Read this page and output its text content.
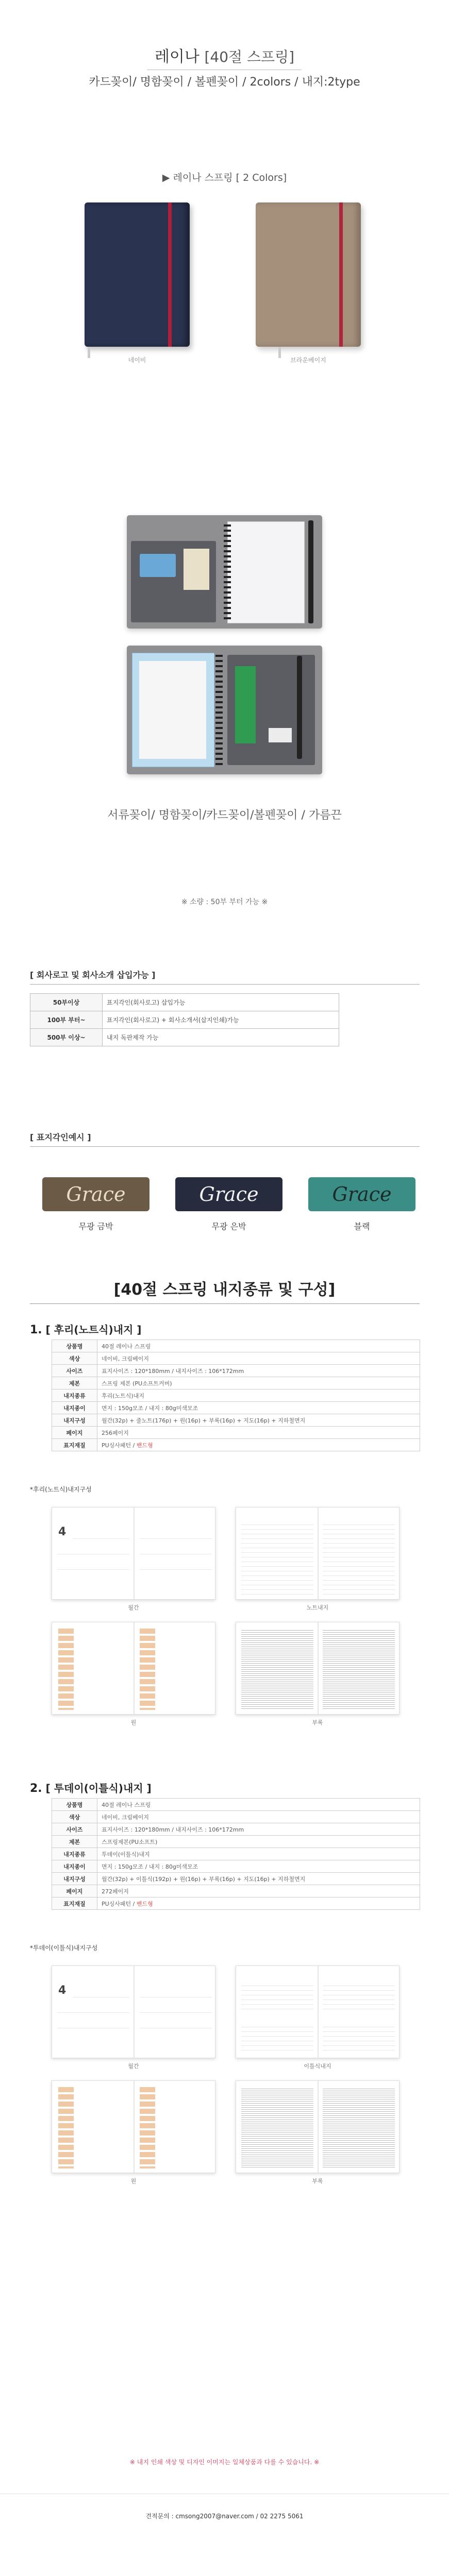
레이나 [40절 스프링]
카드꽂이/ 명함꽂이 / 볼펜꽂이 / 2colors / 내지:2type
▶ 레이나 스프링 [ 2 Colors]
네이비	브라운베이지
서류꽂이/ 명함꽂이/카드꽂이/볼펜꽂이 / 가름끈
※ 소량 : 50부 부터 가능 ※
[ 회사로고 및 회사소개 삽입가능 ]
50부이상	표지각인(회사로고) 삽입가능
100부 부터~	표지각인(회사로고) + 회사소개서(삽지인쇄)가능
500부 이상~	내지 독판제작 가능
[ 표지각인예시 ]
Grace
무광 금박
Grace
무광 은박
Grace
블랙
[40절 스프링 내지종류 및 구성]
1. [ 후리(노트식)내지 ]
상품명	40절 레이나 스프링
색상	네이비, 크림베이지
사이즈	표지사이즈 : 120*180mm / 내지사이즈 : 106*172mm
제본	스프링 제본 (PU소프트커버)
내지종류	후리(노트식)내지
내지종이	면지 : 150g모조 / 내지 : 80g미색모조
내지구성	월간(32p) + 줄노트(176p) + 원(16p) + 부록(16p) + 지도(16p) + 지하철면지
페이지	256페이지
표지재질	PU싱사패턴 / 밴드형
*후리(노트식)내지구성
4
월간	노트내지
원	부록
2. [ 투데이(이틀식)내지 ]
상품명	40절 레이나 스프링
색상	네이비, 크림베이지
사이즈	표지사이즈 : 120*180mm / 내지사이즈 : 106*172mm
제본	스프링제본(PU소프트)
내지종류	투데이(이틀식)내지
내지종이	면지 : 150g모조 / 내지 : 80g미색모조
내지구성	월간(32p) + 이틀식(192p) + 원(16p) + 부록(16p) + 지도(16p) + 지하철면지
페이지	272페이지
표지재질	PU싱사패턴 / 밴드형
*투데이(이틀식)내지구성
4
월간	이틀식내지
원	부록
※ 내지 인쇄 색상 및 디자인 이미지는 일체상품과 다를 수 있습니다. ※
견적문의 : cmsong2007@naver.com / 02 2275 5061
